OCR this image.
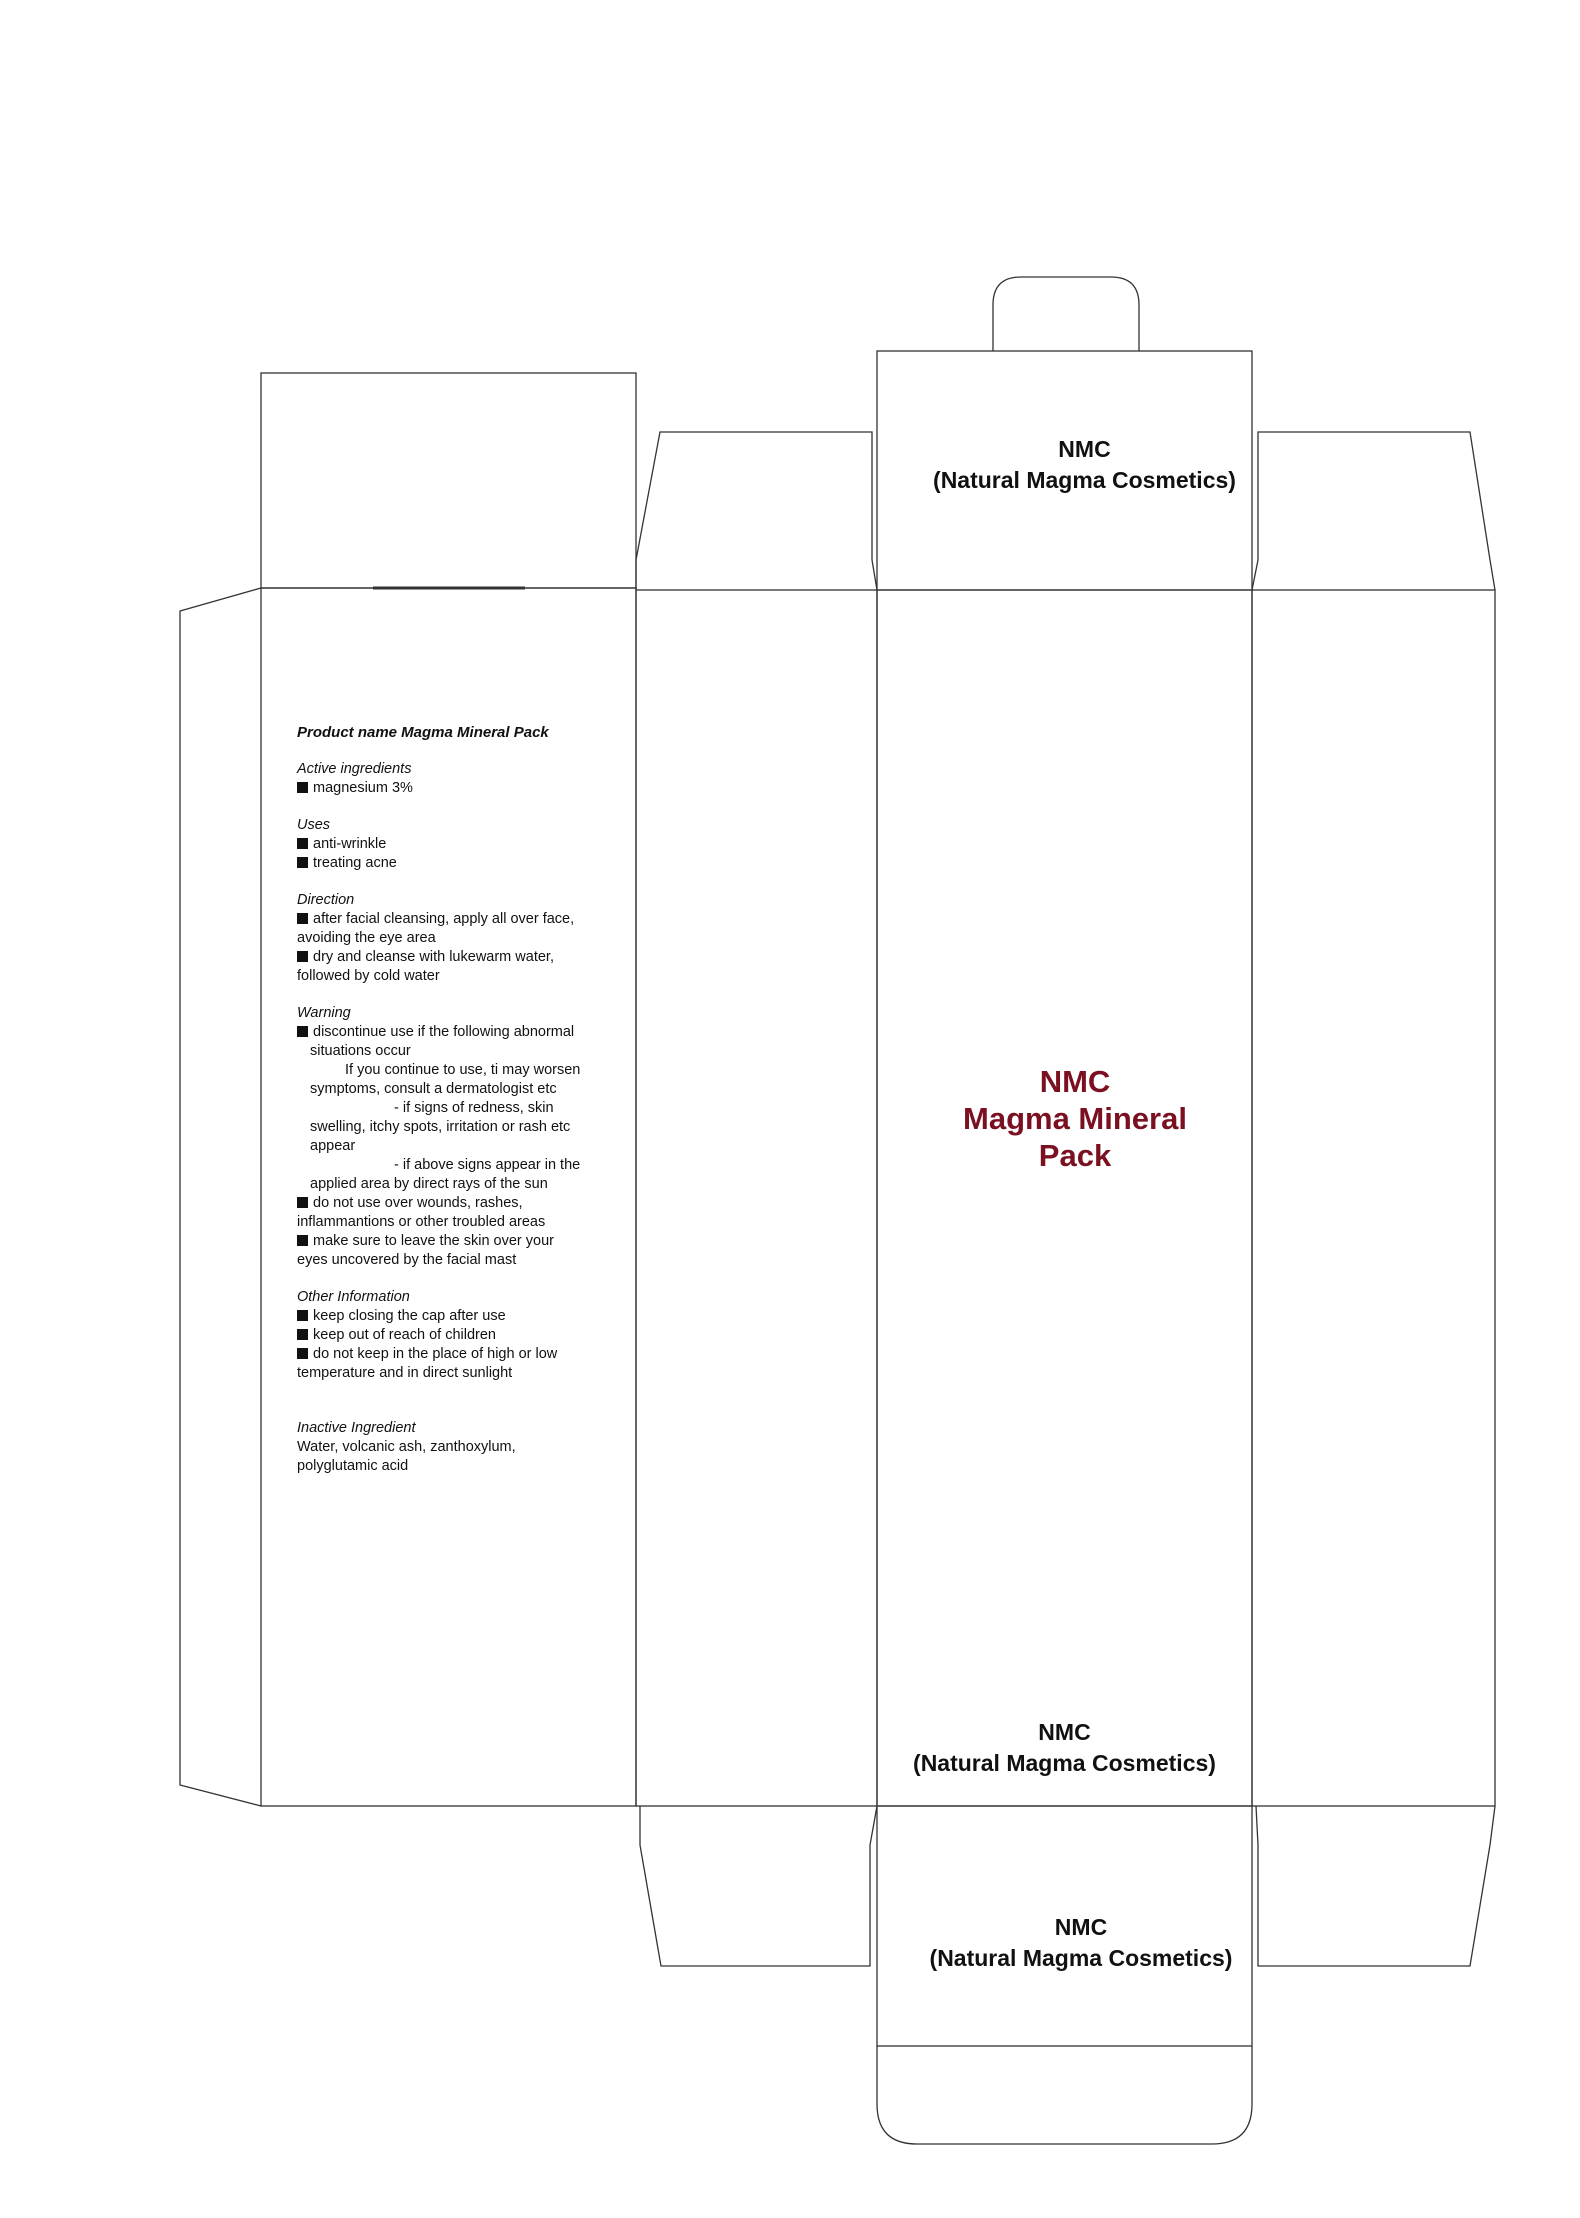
NMC
(Natural Magma Cosmetics)
NMC
Magma Mineral
Pack
NMC
(Natural Magma Cosmetics)
NMC
(Natural Magma Cosmetics)
Product name Magma Mineral Pack
Active ingredients
magnesium 3%
Uses
anti-wrinkle
treating acne
Direction
after facial cleansing, apply all over face,
avoiding the eye area
dry and cleanse with lukewarm water,
followed by cold water
Warning
discontinue use if the following abnormal
situations occur
If you continue to use, ti may worsen
symptoms, consult a dermatologist etc
- if signs of redness, skin
swelling, itchy spots, irritation or rash etc
appear
- if above signs appear in the
applied area by direct rays of the sun
do not use over wounds, rashes,
inflammantions or other troubled areas
make sure to leave the skin over your
eyes uncovered by the facial mast
Other Information
keep closing the cap after use
keep out of reach of children
do not keep in the place of high or low
temperature and in direct sunlight
Inactive Ingredient
Water, volcanic ash, zanthoxylum,
polyglutamic acid
